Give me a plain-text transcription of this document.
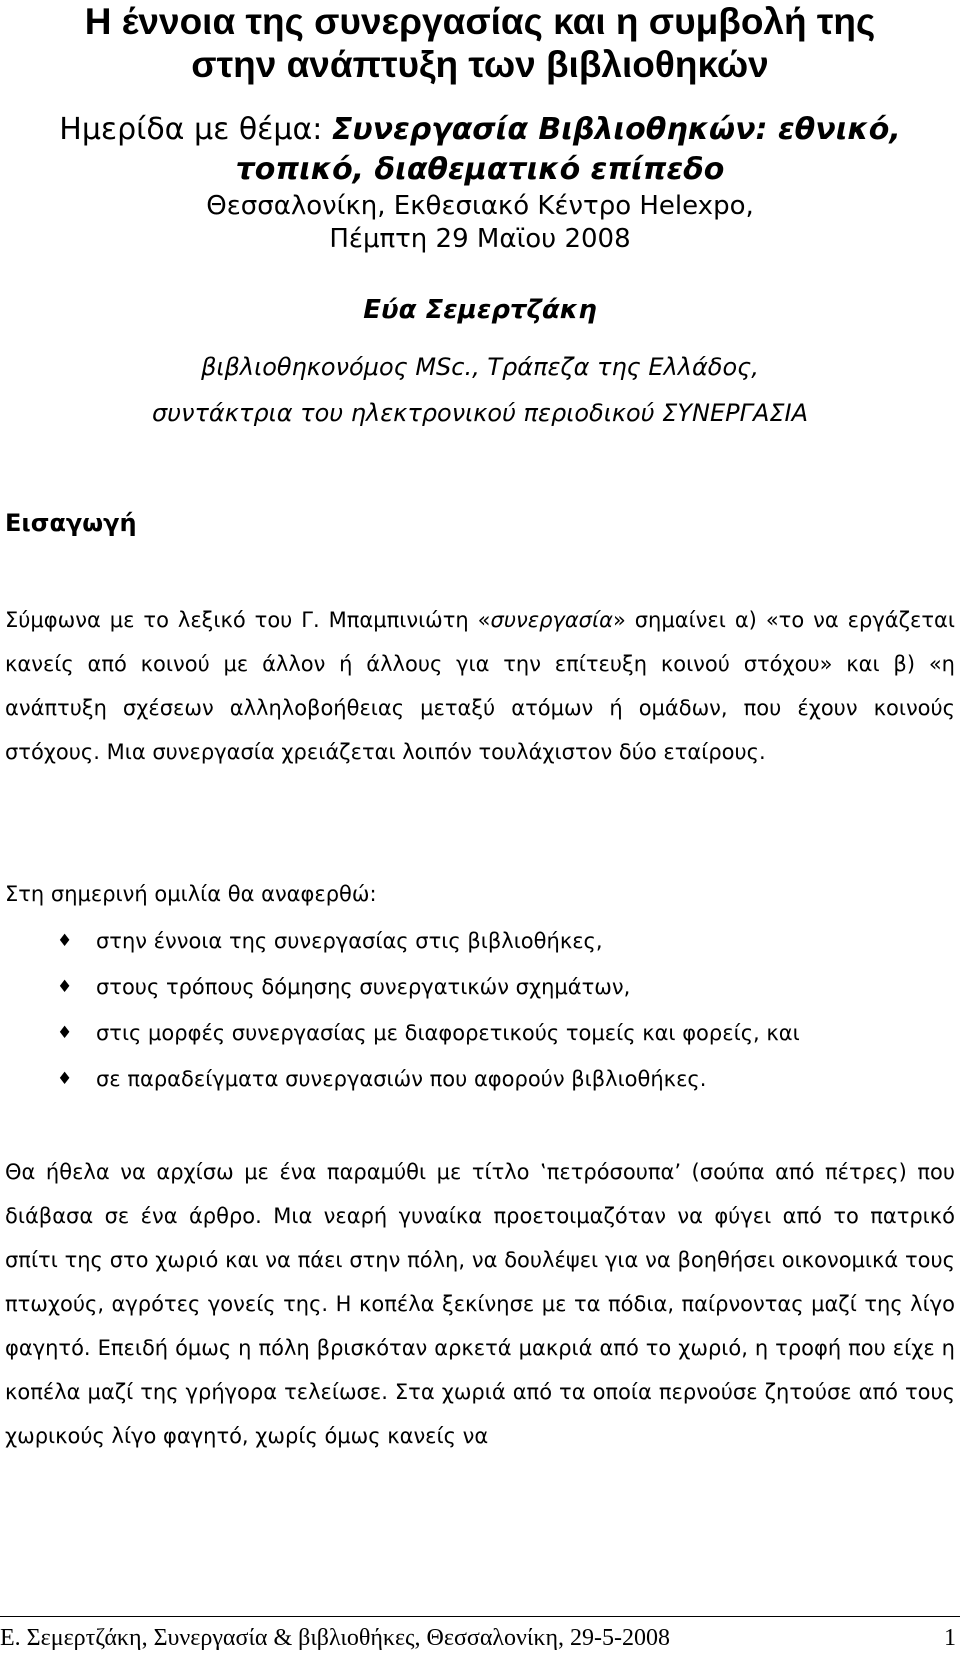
Η έννοια της συνεργασίας και η συμβολή της
στην ανάπτυξη των βιβλιοθηκών
Ημερίδα με θέμα: Συνεργασία Βιβλιοθηκών: εθνικό,
τοπικό, διαθεματικό επίπεδο
Θεσσαλονίκη, Εκθεσιακό Κέντρο Helexpo,
Πέμπτη 29 Μαϊου 2008
Εύα Σεμερτζάκη
βιβλιοθηκονόμος MSc., Τράπεζα της Ελλάδος,
συντάκτρια του ηλεκτρονικού περιοδικού ΣΥΝΕΡΓΑΣΙΑ
Εισαγωγή
Σύμφωνα με το λεξικό του Γ. Μπαμπινιώτη «συνεργασία» σημαίνει α) «το να εργάζεται κανείς από κοινού με άλλον ή άλλους για την επίτευξη κοινού στόχου» και β) «η ανάπτυξη σχέσεων αλληλοβοήθειας μεταξύ ατόμων ή ομάδων, που έχουν κοινούς στόχους. Μια συνεργασία χρειάζεται λοιπόν τουλάχιστον δύο εταίρους.
Στη σημερινή ομιλία θα αναφερθώ:
♦ στην έννοια της συνεργασίας στις βιβλιοθήκες,
♦ στους τρόπους δόμησης συνεργατικών σχημάτων,
♦ στις μορφές συνεργασίας με διαφορετικούς τομείς και φορείς, και
♦ σε παραδείγματα συνεργασιών που αφορούν βιβλιοθήκες.
Θα ήθελα να αρχίσω με ένα παραμύθι με τίτλο ‛πετρόσουπα’ (σούπα από πέτρες) που διάβασα σε ένα άρθρο. Μια νεαρή γυναίκα προετοιμαζόταν να φύγει από το πατρικό σπίτι της στο χωριό και να πάει στην πόλη, να δουλέψει για να βοηθήσει οικονομικά τους πτωχούς, αγρότες γονείς της. Η κοπέλα ξεκίνησε με τα πόδια, παίρνοντας μαζί της λίγο φαγητό. Επειδή όμως η πόλη βρισκόταν αρκετά μακριά από το χωριό, η τροφή που είχε η κοπέλα μαζί της γρήγορα τελείωσε. Στα χωριά από τα οποία περνούσε ζητούσε από τους χωρικούς λίγο φαγητό, χωρίς όμως κανείς να
Ε. Σεμερτζάκη, Συνεργασία & βιβλιοθήκες, Θεσσαλονίκη, 29-5-2008	1
